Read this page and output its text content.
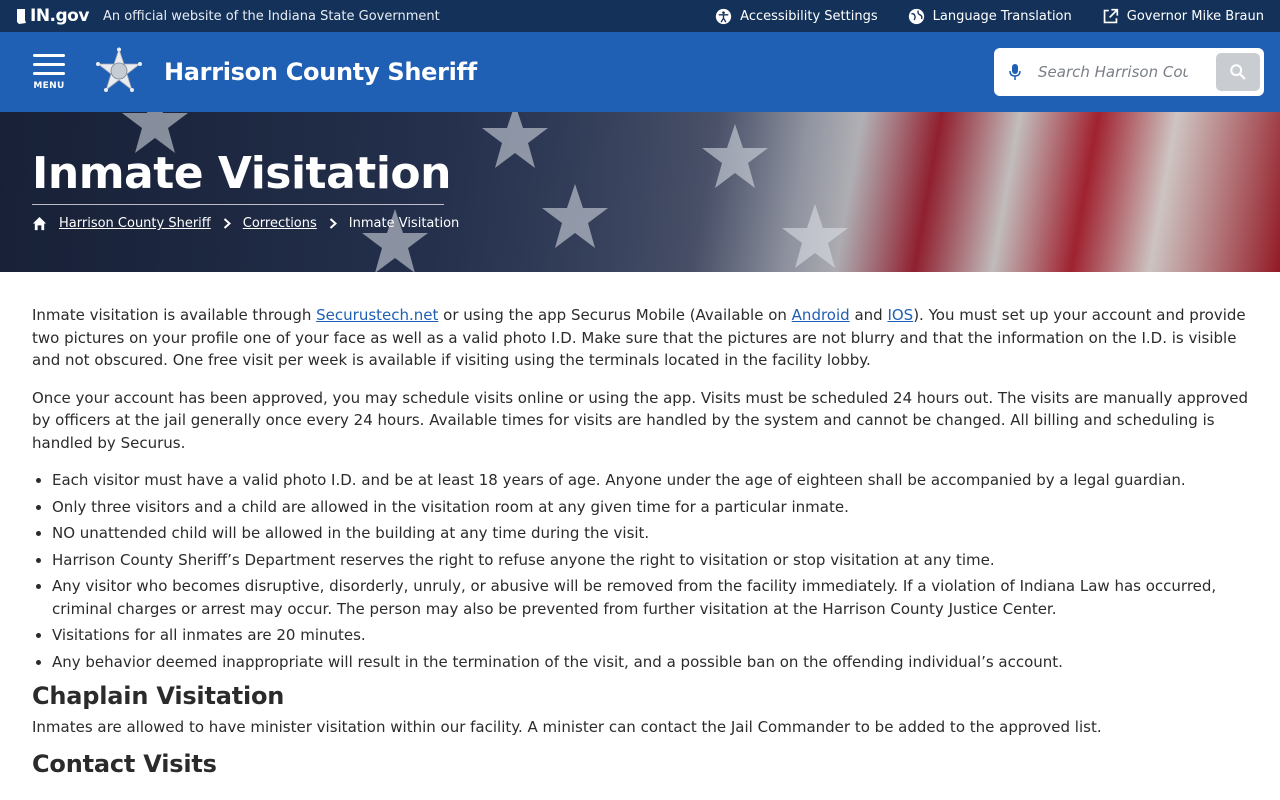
IN.gov An official website of the Indiana State Government	Accessibility Settings	Language Translation	Governor Mike Braun
MENU	Harrison County Sheriff
Search Harrison County Sheriff
Inmate Visitation
Harrison County Sheriff Corrections Inmate Visitation

Inmate visitation is available through Securustech.net or using the app Securus Mobile (Available on Android and IOS). You must set up your account and provide two pictures on your profile one of your face as well as a valid photo I.D. Make sure that the pictures are not blurry and that the information on the I.D. is visible and not obscured. One free visit per week is available if visiting using the terminals located in the facility lobby.

Once your account has been approved, you may schedule visits online or using the app. Visits must be scheduled 24 hours out. The visits are manually approved by officers at the jail generally once every 24 hours. Available times for visits are handled by the system and cannot be changed. All billing and scheduling is handled by Securus.

• Each visitor must have a valid photo I.D. and be at least 18 years of age. Anyone under the age of eighteen shall be accompanied by a legal guardian.
• Only three visitors and a child are allowed in the visitation room at any given time for a particular inmate.
• NO unattended child will be allowed in the building at any time during the visit.
• Harrison County Sheriff’s Department reserves the right to refuse anyone the right to visitation or stop visitation at any time.
• Any visitor who becomes disruptive, disorderly, unruly, or abusive will be removed from the facility immediately. If a violation of Indiana Law has occurred, criminal charges or arrest may occur. The person may also be prevented from further visitation at the Harrison County Justice Center.
• Visitations for all inmates are 20 minutes.
• Any behavior deemed inappropriate will result in the termination of the visit, and a possible ban on the offending individual’s account.
Chaplain Visitation

Inmates are allowed to have minister visitation within our facility. A minister can contact the Jail Commander to be added to the approved list.

Contact Visits
